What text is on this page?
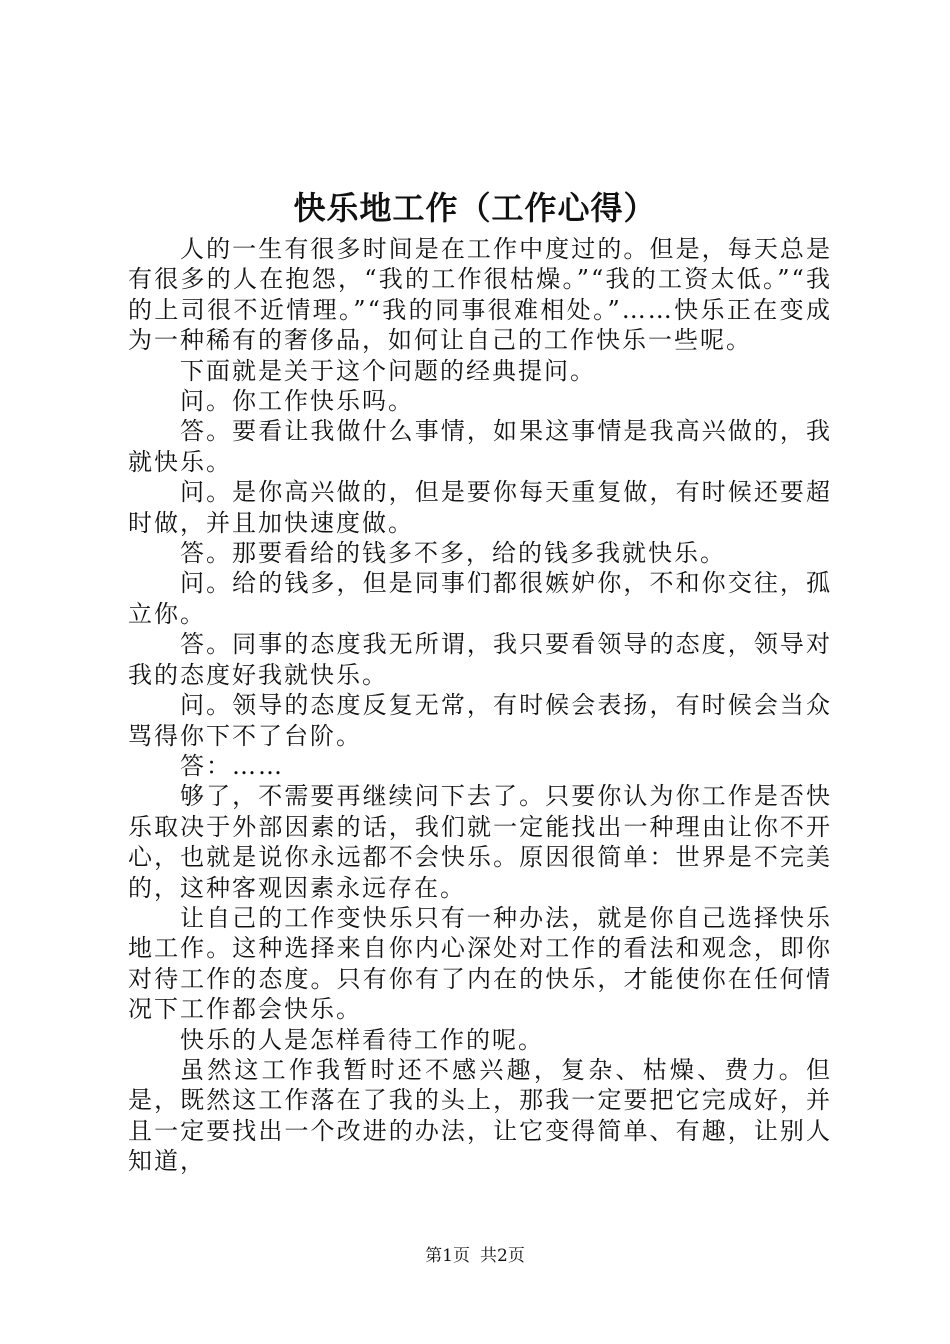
快乐地工作（工作心得）

人的一生有很多时间是在工作中度过的。但是，每天总是有很多的人在抱怨，“我的工作很枯燥。”“我的工资太低。”“我的上司很不近情理。”“我的同事很难相处。”……快乐正在变成为一种稀有的奢侈品，如何让自己的工作快乐一些呢。

下面就是关于这个问题的经典提问。

问。你工作快乐吗。

答。要看让我做什么事情，如果这事情是我高兴做的，我就快乐。

问。是你高兴做的，但是要你每天重复做，有时候还要超时做，并且加快速度做。

答。那要看给的钱多不多，给的钱多我就快乐。

问。给的钱多，但是同事们都很嫉妒你，不和你交往，孤立你。

答。同事的态度我无所谓，我只要看领导的态度，领导对我的态度好我就快乐。

问。领导的态度反复无常，有时候会表扬，有时候会当众骂得你下不了台阶。

答：……

够了，不需要再继续问下去了。只要你认为你工作是否快乐取决于外部因素的话，我们就一定能找出一种理由让你不开心，也就是说你永远都不会快乐。原因很简单：世界是不完美的，这种客观因素永远存在。

让自己的工作变快乐只有一种办法，就是你自己选择快乐地工作。这种选择来自你内心深处对工作的看法和观念，即你对待工作的态度。只有你有了内在的快乐，才能使你在任何情况下工作都会快乐。

快乐的人是怎样看待工作的呢。

虽然这工作我暂时还不感兴趣，复杂、枯燥、费力。但是，既然这工作落在了我的头上，那我一定要把它完成好，并且一定要找出一个改进的办法，让它变得简单、有趣，让别人知道，

第1页 共2页
